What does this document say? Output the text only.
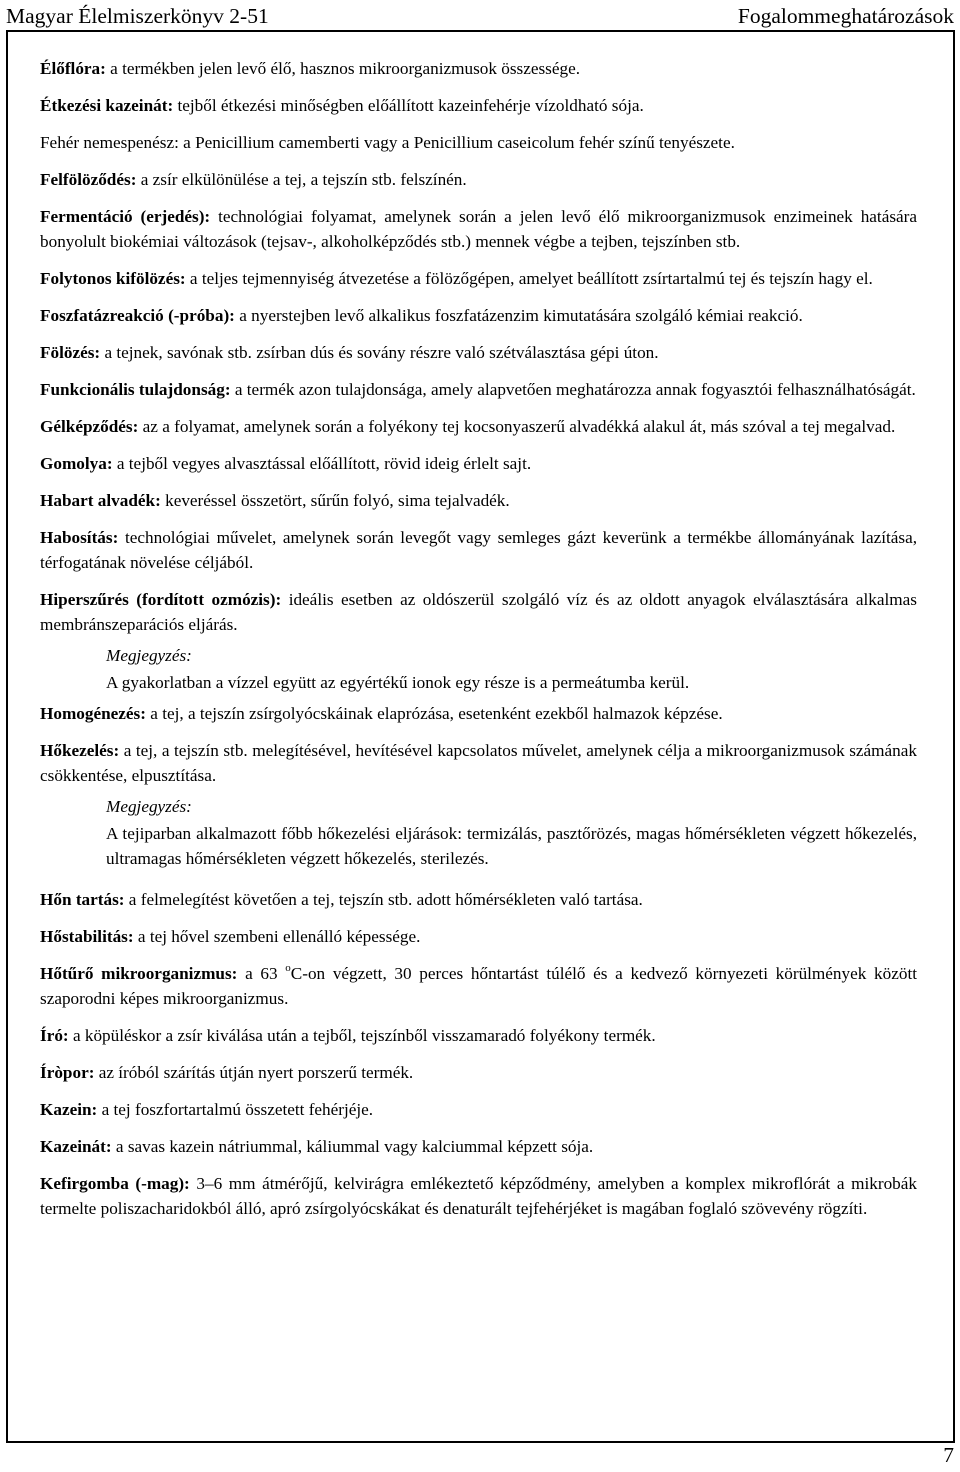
Magyar Élelmiszerkönyv 2-51	Fogalommeghatározások

Élőflóra: a termékben jelen levő élő, hasznos mikroorganizmusok összessége.

Étkezési kazeinát: tejből étkezési minőségben előállított kazeinfehérje vízoldható sója.

Fehér nemespenész: a Penicillium camemberti vagy a Penicillium caseicolum fehér színű tenyészete.

Felfölöződés: a zsír elkülönülése a tej, a tejszín stb. felszínén.

Fermentáció (erjedés): technológiai folyamat, amelynek során a jelen levő élő mikroorganizmusok enzimeinek hatására bonyolult biokémiai változások (tejsav-, alkoholképződés stb.) mennek végbe a tejben, tejszínben stb.

Folytonos kifölözés: a teljes tejmennyiség átvezetése a fölözőgépen, amelyet beállított zsírtartalmú tej és tejszín hagy el.

Foszfatázreakció (-próba): a nyerstejben levő alkalikus foszfatázenzim kimutatására szolgáló kémiai reakció.

Fölözés: a tejnek, savónak stb. zsírban dús és sovány részre való szétválasztása gépi úton.

Funkcionális tulajdonság: a termék azon tulajdonsága, amely alapvetően meghatározza annak fogyasztói felhasználhatóságát.

Gélképződés: az a folyamat, amelynek során a folyékony tej kocsonyaszerű alvadékká alakul át, más szóval a tej megalvad.

Gomolya: a tejből vegyes alvasztással előállított, rövid ideig érlelt sajt.

Habart alvadék: keveréssel összetört, sűrűn folyó, sima tejalvadék.

Habosítás: technológiai művelet, amelynek során levegőt vagy semleges gázt keverünk a termékbe állományának lazítása, térfogatának növelése céljából.

Hiperszűrés (fordított ozmózis): ideális esetben az oldószerül szolgáló víz és az oldott anyagok elválasztására alkalmas membránszeparációs eljárás.

Megjegyzés:

A gyakorlatban a vízzel együtt az egyértékű ionok egy része is a permeátumba kerül.

Homogénezés: a tej, a tejszín zsírgolyócskáinak elaprózása, esetenként ezekből halmazok képzése.

Hőkezelés: a tej, a tejszín stb. melegítésével, hevítésével kapcsolatos művelet, amelynek célja a mikroorganizmusok számának csökkentése, elpusztítása.

Megjegyzés:

A tejiparban alkalmazott főbb hőkezelési eljárások: termizálás, pasztőrözés, magas hőmérsékleten végzett hőkezelés, ultramagas hőmérsékleten végzett hőkezelés, sterilezés.

Hőn tartás: a felmelegítést követően a tej, tejszín stb. adott hőmérsékleten való tartása.

Hőstabilitás: a tej hővel szembeni ellenálló képessége.

Hőtűrő mikroorganizmus: a 63 $^o$C-on végzett, 30 perces hőntartást túlélő és a kedvező környezeti körülmények között szaporodni képes mikroorganizmus.

Író: a köpüléskor a zsír kiválása után a tejből, tejszínből visszamaradó folyékony termék.

Íròpor: az íróból szárítás útján nyert porszerű termék.

Kazein: a tej foszfortartalmú összetett fehérjéje.

Kazeinát: a savas kazein nátriummal, káliummal vagy kalciummal képzett sója.

Kefirgomba (-mag): 3–6 mm átmérőjű, kelvirágra emlékeztető képződmény, amelyben a komplex mikroflórát a mikrobák termelte poliszacharidokból álló, apró zsírgolyócskákat és denaturált tejfehérjéket is magában foglaló szövevény rögzíti.

7
